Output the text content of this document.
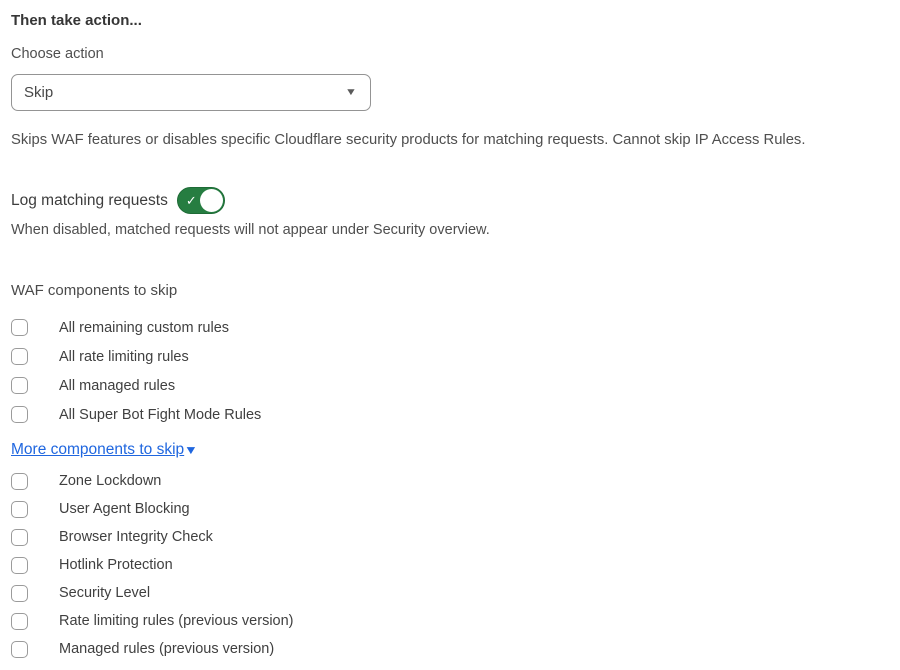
Then take action...
Choose action
Skip	▼

Skips WAF features or disables specific Cloudflare security products for matching requests. Cannot skip IP Access Rules.

Log matching requests ✓

When disabled, matched requests will not appear under Security overview.

WAF components to skip
All remaining custom rules
All rate limiting rules
All managed rules
All Super Bot Fight Mode Rules
More components to skip ▼
Zone Lockdown
User Agent Blocking
Browser Integrity Check
Hotlink Protection
Security Level
Rate limiting rules (previous version)
Managed rules (previous version)
